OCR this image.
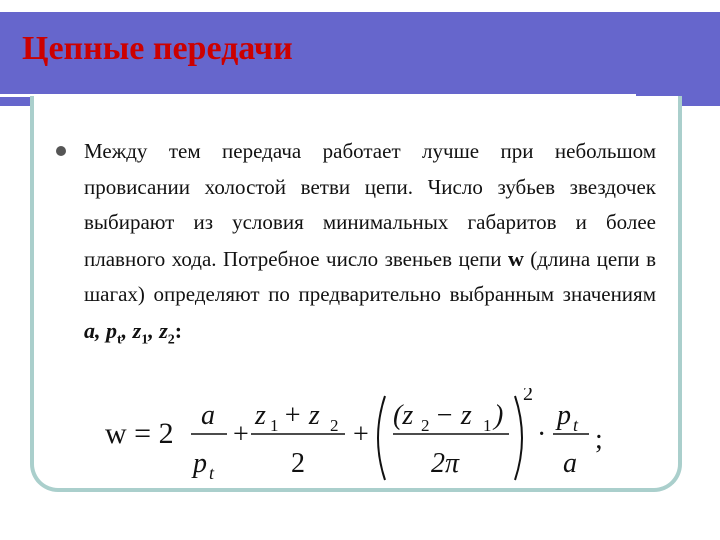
Цепные передачи
Между тем передача работает лучше при небольшом провисании холостой ветви цепи. Число зубьев звездочек выбирают из условия минимальных габаритов и более плавного хода. Потребное число звеньев цепи w (длина цепи в шагах) определяют по предварительно выбранным значениям a, $p_t$, $z_1$, $z_2$:
w = 2
a
p t
+
z 1 + z 2
2
+
(z 2 − z 1 )
2π
2
·
p t
a
;
